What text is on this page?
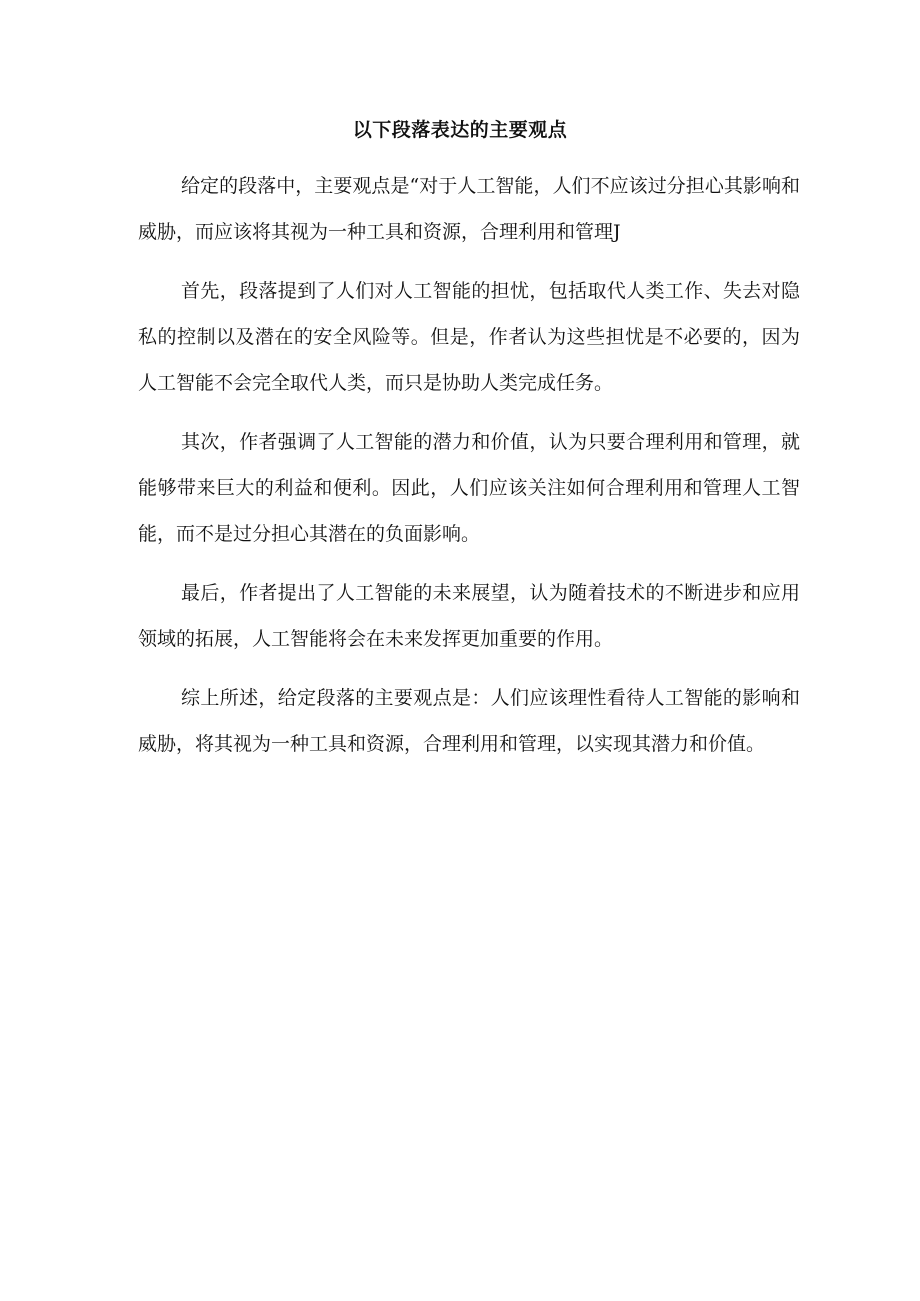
以下段落表达的主要观点

给定的段落中，主要观点是“对于人工智能，人们不应该过分担心其影响和威胁，而应该将其视为一种工具和资源，合理利用和管理J

首先，段落提到了人们对人工智能的担忧，包括取代人类工作、失去对隐私的控制以及潜在的安全风险等。但是，作者认为这些担忧是不必要的，因为人工智能不会完全取代人类，而只是协助人类完成任务。

其次，作者强调了人工智能的潜力和价值，认为只要合理利用和管理，就能够带来巨大的利益和便利。因此，人们应该关注如何合理利用和管理人工智能，而不是过分担心其潜在的负面影响。

最后，作者提出了人工智能的未来展望，认为随着技术的不断进步和应用领域的拓展，人工智能将会在未来发挥更加重要的作用。

综上所述，给定段落的主要观点是：人们应该理性看待人工智能的影响和威胁，将其视为一种工具和资源，合理利用和管理，以实现其潜力和价值。
